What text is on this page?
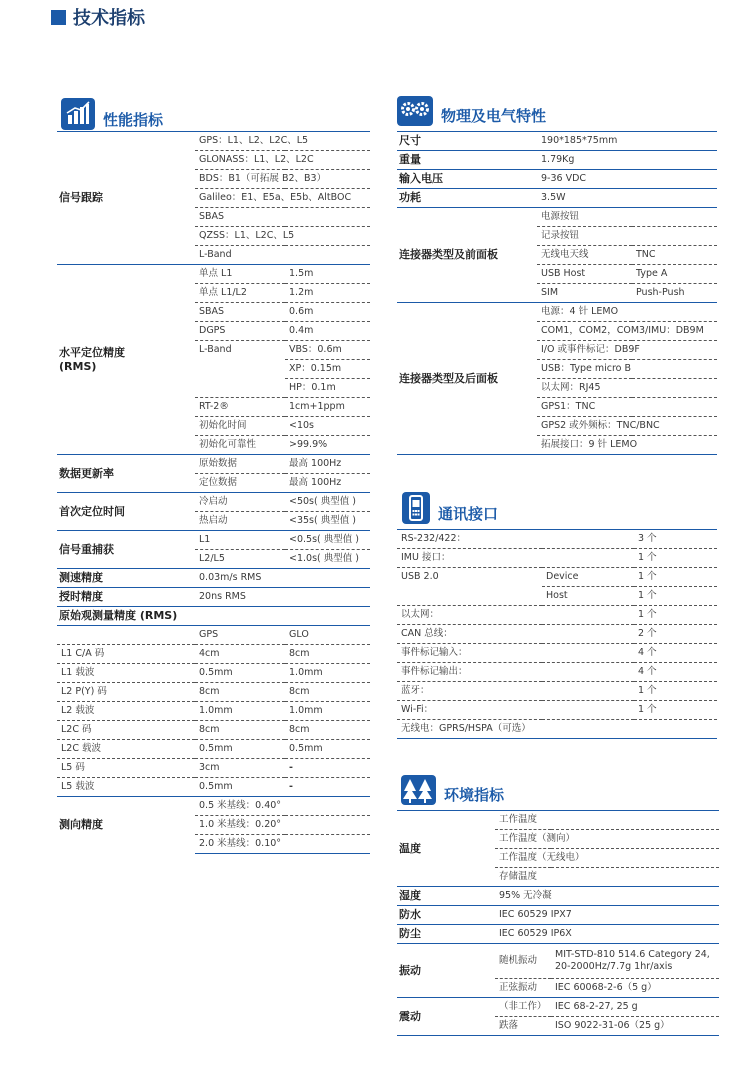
技术指标
性能指标
信号跟踪	GPS：L1、L2、L2C、L5	
	GLONASS：L1、L2、L2C	
	BDS：B1（可拓展 B2、B3）	
	Galileo：E1、E5a、E5b、AltBOC	
	SBAS	
	QZSS：L1、L2C、L5	
	L-Band	
水平定位精度
(RMS)	单点 L1	1.5m
	单点 L1/L2	1.2m
	SBAS	0.6m
	DGPS	0.4m
	L-Band	VBS：0.6m
		XP：0.15m
		HP：0.1m
	RT-2®	1cm+1ppm
	初始化时间	<10s
	初始化可靠性	>99.9%
数据更新率	原始数据	最高 100Hz
	定位数据	最高 100Hz
首次定位时间	冷启动	<50s( 典型值 )
	热启动	<35s( 典型值 )
信号重捕获	L1	<0.5s( 典型值 )
	L2/L5	<1.0s( 典型值 )
测速精度	0.03m/s RMS	
授时精度	20ns RMS	
原始观测量精度 (RMS)		
	GPS	GLO
L1 C/A 码	4cm	8cm
L1 载波	0.5mm	1.0mm
L2 P(Y) 码	8cm	8cm
L2 载波	1.0mm	1.0mm
L2C 码	8cm	8cm
L2C 载波	0.5mm	0.5mm
L5 码	3cm	-
L5 载波	0.5mm	-
测向精度	0.5 米基线：0.40°	
	1.0 米基线：0.20°	
	2.0 米基线：0.10°	
物理及电气特性
尺寸	190*185*75mm	
重量	1.79Kg	
输入电压	9-36 VDC	
功耗	3.5W	
连接器类型及前面板	电源按钮	
	记录按钮	
	无线电天线	TNC
	USB Host	Type A
	SIM	Push-Push
连接器类型及后面板	电源：4 针 LEMO	
	COM1，COM2，COM3/IMU：DB9M	
	I/O 或事件标记：DB9F	
	USB：Type micro B	
	以太网：RJ45	
	GPS1：TNC	
	GPS2 或外频标：TNC/BNC	
	拓展接口：9 针 LEMO	
通讯接口
RS-232/422：		3 个
IMU 接口：		1 个
USB 2.0	Device	1 个
	Host	1 个
以太网：		1 个
CAN 总线：		2 个
事件标记输入：		4 个
事件标记输出：		4 个
蓝牙：		1 个
Wi-Fi：		1 个
无线电：GPRS/HSPA（可选）		
环境指标
温度	工作温度	
	工作温度（测向）	
	工作温度（无线电）	
	存储温度	
湿度	95% 无冷凝		
防水	IEC 60529 IPX7		
防尘	IEC 60529 IP6X		
振动	随机振动	MIT-STD-810 514.6 Category 24,
20-2000Hz/7.7g 1hr/axis	
	正弦振动	IEC 60068-2-6（5 g）	
震动	（非工作）	IEC 68-2-27, 25 g	
	跌落	ISO 9022-31-06（25 g）	
